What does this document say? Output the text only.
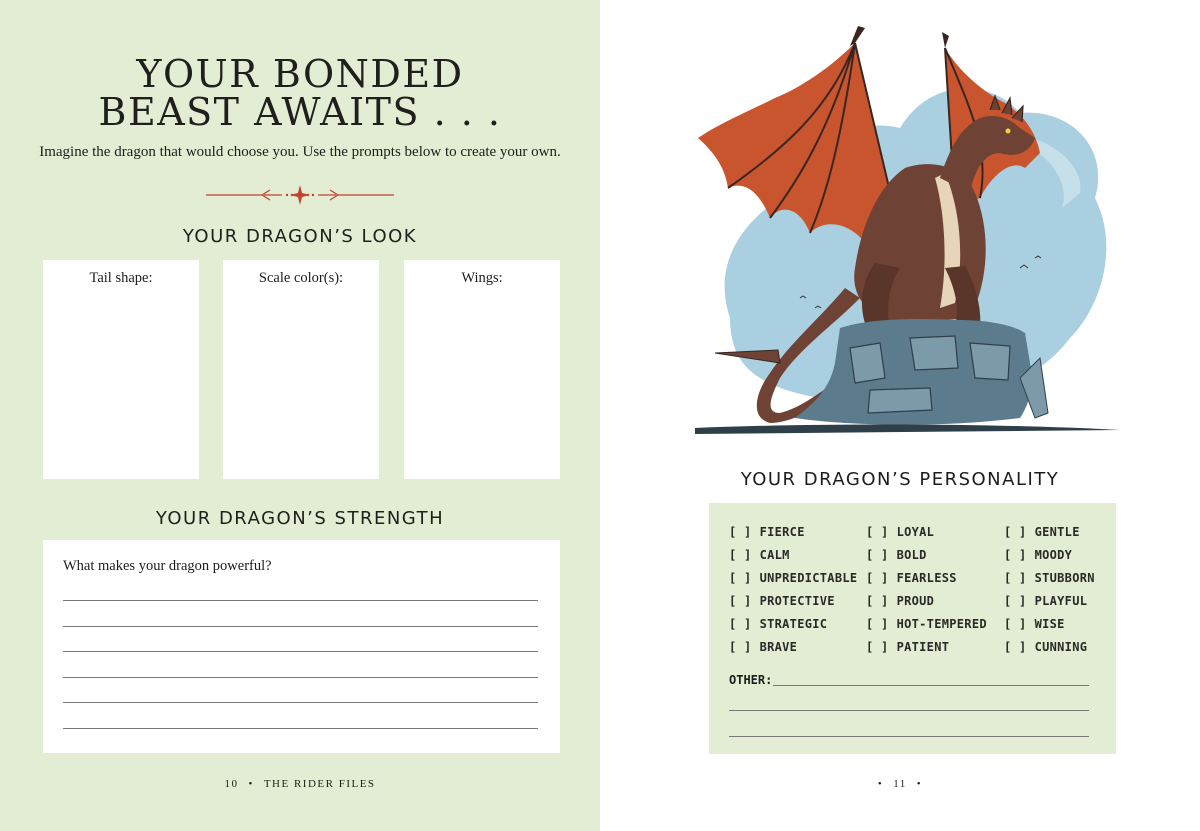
YOUR BONDED
BEAST AWAITS . . .
Imagine the dragon that would choose you. Use the prompts below to create your own.
YOUR DRAGON’S LOOK
Tail shape:	Scale color(s):	Wings:
YOUR DRAGON’S STRENGTH
What makes your dragon powerful?
10 • THE RIDER FILES
YOUR DRAGON’S PERSONALITY
OTHER:
[ ] FIERCE
[ ] CALM
[ ] UNPREDICTABLE
[ ] PROTECTIVE
[ ] STRATEGIC
[ ] BRAVE
[ ] LOYAL
[ ] BOLD
[ ] FEARLESS
[ ] PROUD
[ ] HOT-TEMPERED
[ ] PATIENT
[ ] GENTLE
[ ] MOODY
[ ] STUBBORN
[ ] PLAYFUL
[ ] WISE
[ ] CUNNING
• 11 •
